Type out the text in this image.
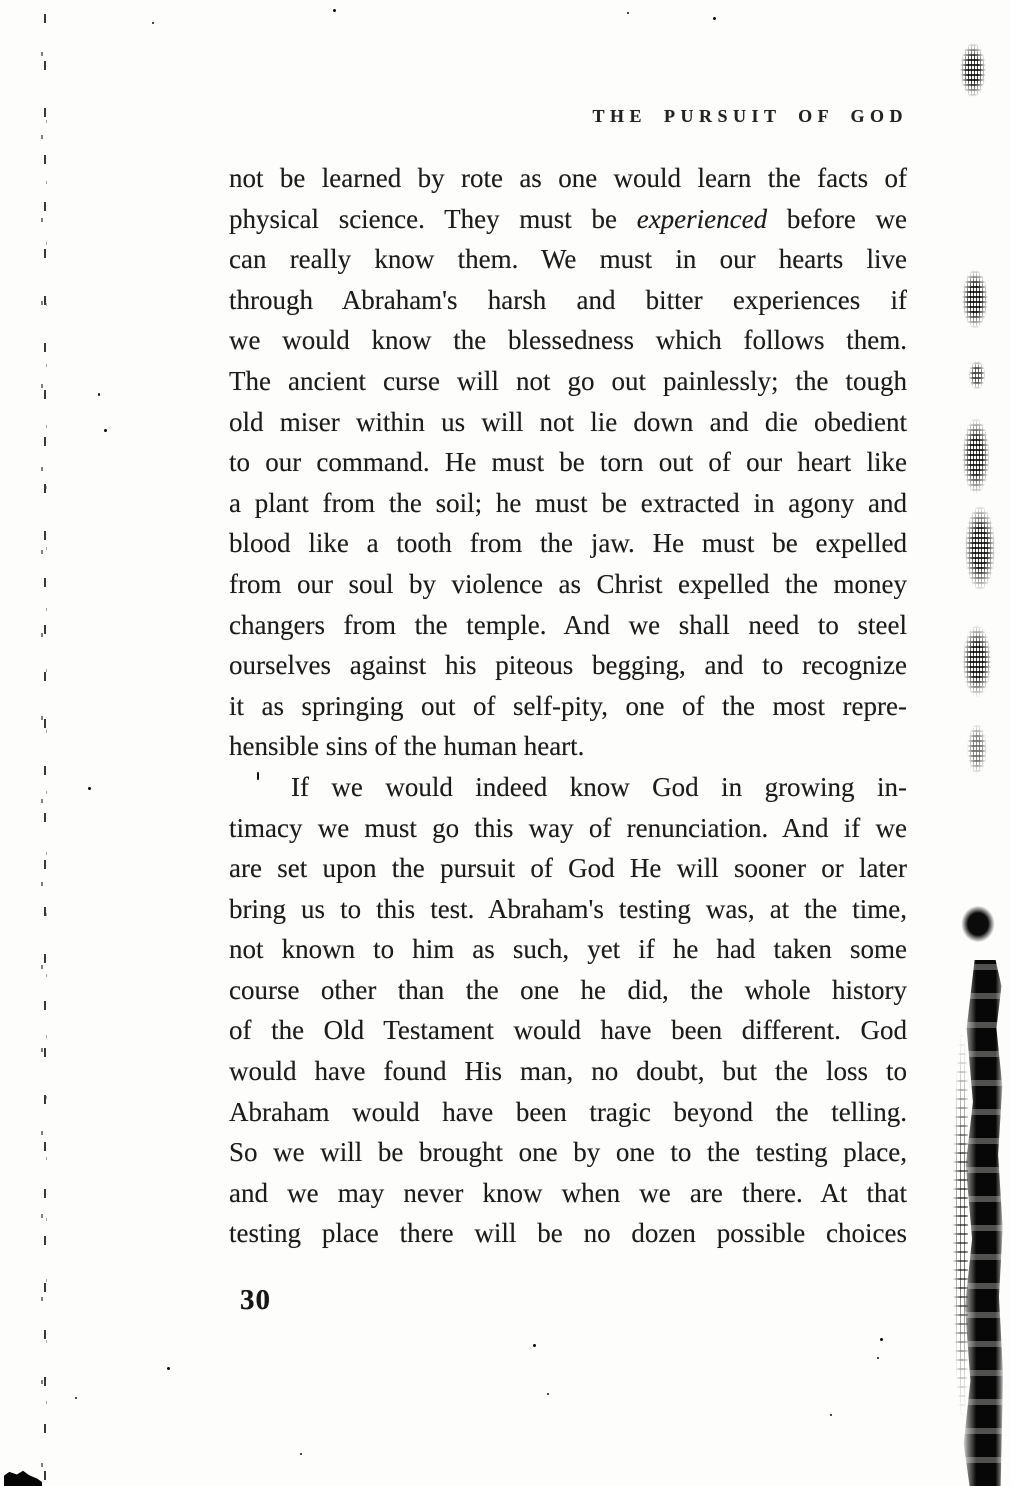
THE PURSUIT OF GOD
not be learned by rote as one would learn the facts of
physical science. They must be experienced before we
can really know them. We must in our hearts live
through Abraham's harsh and bitter experiences if
we would know the blessedness which follows them.
The ancient curse will not go out painlessly; the tough
old miser within us will not lie down and die obedient
to our command. He must be torn out of our heart like
a plant from the soil; he must be extracted in agony and
blood like a tooth from the jaw. He must be expelled
from our soul by violence as Christ expelled the money
changers from the temple. And we shall need to steel
ourselves against his piteous begging, and to recognize
it as springing out of self-pity, one of the most repre-
hensible sins of the human heart.
If we would indeed know God in growing in-
timacy we must go this way of renunciation. And if we
are set upon the pursuit of God He will sooner or later
bring us to this test. Abraham's testing was, at the time,
not known to him as such, yet if he had taken some
course other than the one he did, the whole history
of the Old Testament would have been different. God
would have found His man, no doubt, but the loss to
Abraham would have been tragic beyond the telling.
So we will be brought one by one to the testing place,
and we may never know when we are there. At that
testing place there will be no dozen possible choices
30
